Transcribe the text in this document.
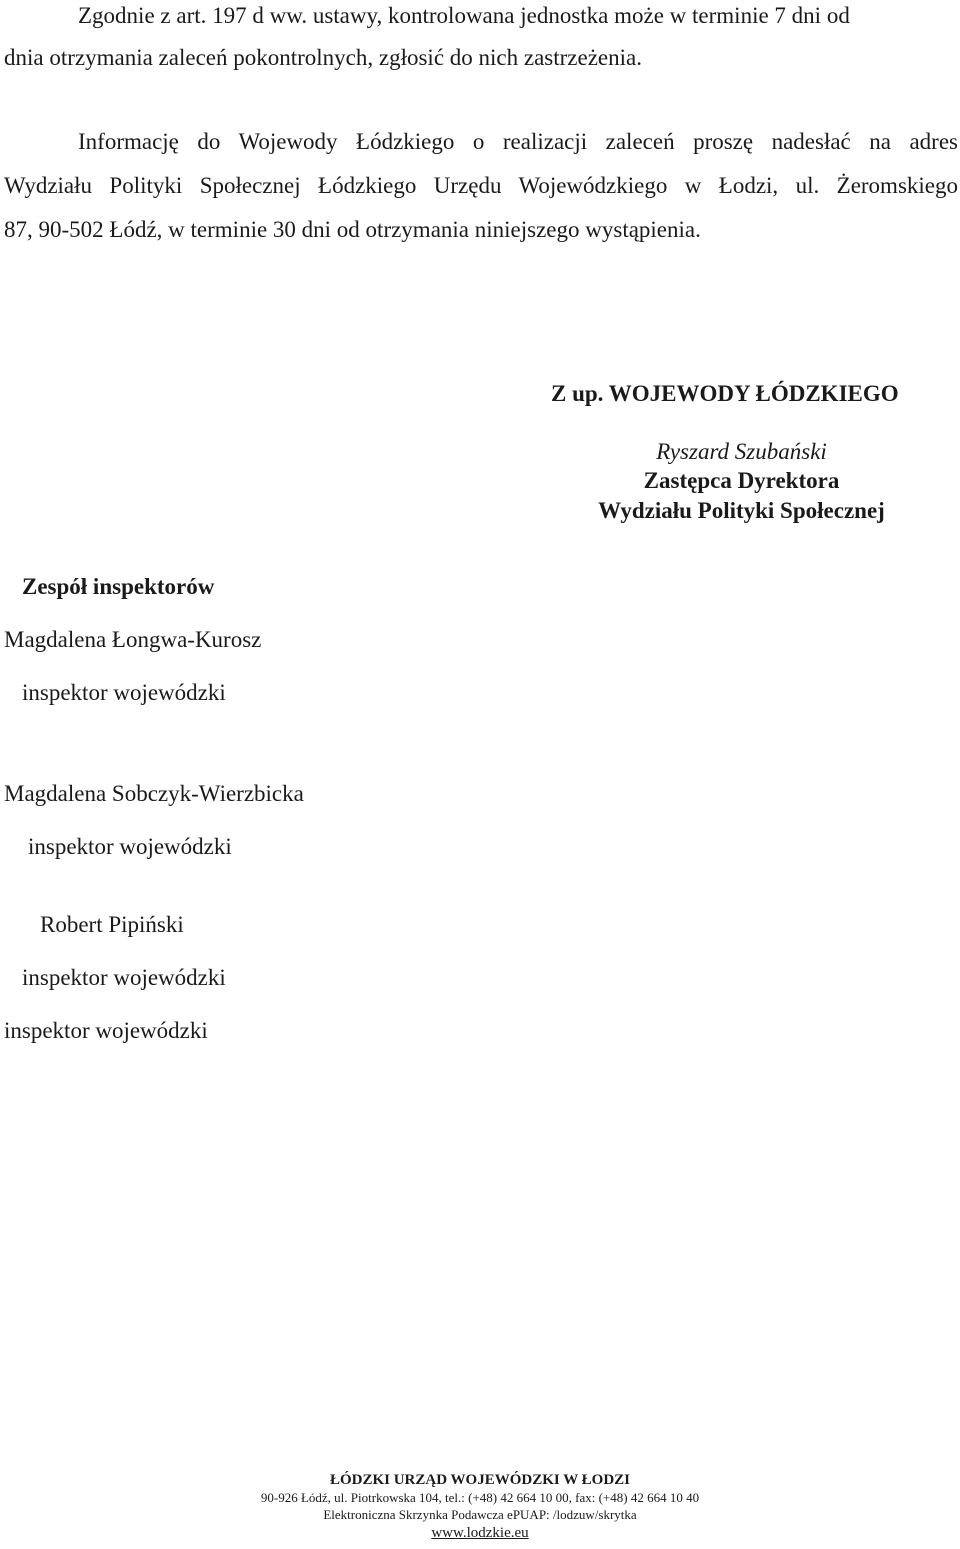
Zgodnie z art. 197 d ww. ustawy, kontrolowana jednostka może w terminie 7 dni od
dnia otrzymania zaleceń pokontrolnych, zgłosić do nich zastrzeżenia.
Informację do Wojewody Łódzkiego o realizacji zaleceń proszę nadesłać na adres
Wydziału Polityki Społecznej Łódzkiego Urzędu Wojewódzkiego w Łodzi, ul. Żeromskiego
87, 90-502 Łódź, w terminie 30 dni od otrzymania niniejszego wystąpienia.
Z up. WOJEWODY ŁÓDZKIEGO
Ryszard Szubański
Zastępca Dyrektora
Wydziału Polityki Społecznej
Zespół inspektorów
Magdalena Łongwa-Kurosz
inspektor wojewódzki
Magdalena Sobczyk-Wierzbicka
inspektor wojewódzki
Robert Pipiński
inspektor wojewódzki
inspektor wojewódzki
ŁÓDZKI URZĄD WOJEWÓDZKI W ŁODZI
90-926 Łódź, ul. Piotrkowska 104, tel.: (+48) 42 664 10 00, fax: (+48) 42 664 10 40
Elektroniczna Skrzynka Podawcza ePUAP: /lodzuw/skrytka
www.lodzkie.eu
